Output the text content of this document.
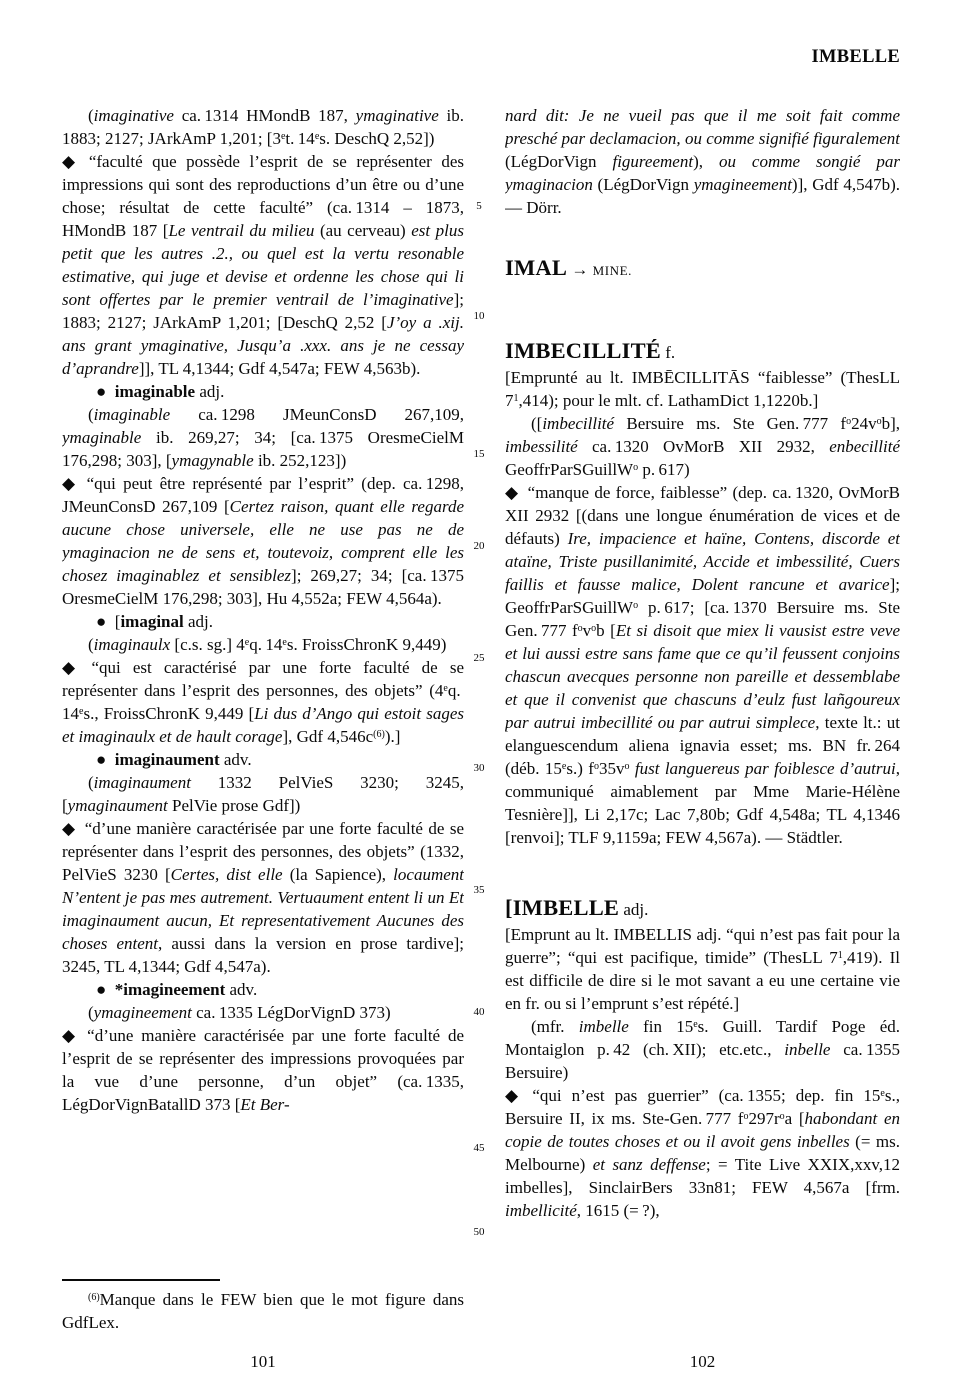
IMBELLE

(imaginative ca. 1314 HMondB 187, ymaginative ib. 1883; 2127; JArkAmP 1,201; [3et. 14es. DeschQ 2,52])

◆ “faculté que possède l’esprit de se représenter des impressions qui sont des reproductions d’un être ou d’une chose; résultat de cette faculté” (ca. 1314 – 1873, HMondB 187 [Le ventrail du milieu (au cerveau) est plus petit que les autres .2., ou quel est la vertu resonable estimative, qui juge et devise et ordenne les chose qui li sont offertes par le premier ventrail de l’imaginative]; 1883; 2127; JArkAmP 1,201; [DeschQ 2,52 [J’oy a .xij. ans grant ymaginative, Jusqu’a .xxx. ans je ne cessay d’aprandre]], TL 4,1344; Gdf 4,547a; FEW 4,563b).

● imaginable adj.

(imaginable ca. 1298 JMeunConsD 267,109, ymaginable ib. 269,27; 34; [ca. 1375 OresmeCielM 176,298; 303], [ymagynable ib. 252,123])

◆ “qui peut être représenté par l’esprit” (dep. ca. 1298, JMeunConsD 267,109 [Certez raison, quant elle regarde aucune chose universele, elle ne use pas ne de ymaginacion ne de sens et, toutevoiz, comprent elle les chosez imaginablez et sensiblez]; 269,27; 34; [ca. 1375 OresmeCielM 176,298; 303], Hu 4,552a; FEW 4,564a).

● [imaginal adj.

(imaginaulx [c.s. sg.] 4eq. 14es. FroissChronK 9,449)

◆ “qui est caractérisé par une forte faculté de se représenter dans l’esprit des personnes, des objets” (4eq. 14es., FroissChronK 9,449 [Li dus d’Ango qui estoit sages et imaginaulx et de hault corage], Gdf $4,546c^{(6)}$).]

● imaginaument adv.

(imaginaument 1332 PelVieS 3230; 3245, [ymaginaument PelVie prose Gdf])

◆ “d’une manière caractérisée par une forte faculté de se représenter dans l’esprit des personnes, des objets” (1332, PelVieS 3230 [Certes, dist elle (la Sapience), locaument N’entent je pas mes autrement. Vertuaument entent li un Et imaginaument aucun, Et representativement Aucunes des choses entent, aussi dans la version en prose tardive]; 3245, TL 4,1344; Gdf 4,547a).

● *imagineement adv.

(ymagineement ca. 1335 LégDorVignD 373)

◆ “d’une manière caractérisée par une forte faculté de l’esprit de se représenter des impressions provoquées par la vue d’une personne, d’un objet” (ca. 1335, LégDorVignBatallD 373 [Et Ber-

nard dit: Je ne vueil pas que il me soit fait comme presché par declamacion, ou comme signifié figuralement (LégDorVign figureement), ou comme songié par ymaginacion (LégDorVign ymagineement)], Gdf 4,547b). — Dörr.

IMAL → MINE.
IMBECILLITÉ f.

[Emprunté au lt. IMBĒCILLITĀS “faiblesse” (ThesLL $7^1,414$); pour le mlt. cf. LathamDict 1,1220b.]

([imbecillité Bersuire ms. Ste Gen. 777 $f^o24v^ob$], imbessilité ca. 1320 OvMorB XII 2932, enbecillité GeoffrParSGuillW$^o$ p. 617)

◆ “manque de force, faiblesse” (dep. ca. 1320, OvMorB XII 2932 [(dans une longue énumération de vices et de défauts) Ire, impacience et haïne, Contens, discorde et ataïne, Triste pusillanimité, Accide et imbessilité, Cuers faillis et fausse malice, Dolent rancune et avarice]; GeoffrParSGuillW$^o$ p. 617; [ca. 1370 Bersuire ms. Ste Gen. 777 $f^ov^ob$ [Et si disoit que miex li vausist estre veve et lui aussi estre sans fame que ce qu’il feussent conjoins chascun avecques personne non pareille et dessemblabe et que il convenist que chascuns d’eulz fust lañgoureux par autrui imbecillité ou par autrui simplece, texte lt.: ut elanguescendum aliena ignavia esset; ms. BN fr. 264 (déb. 15es.) $f^o35v^o$ fust languereus par foiblesce d’autrui, communiqué aimablement par Mme Marie-Hélène Tesnière]], Li 2,17c; Lac 7,80b; Gdf 4,548a; TL 4,1346 [renvoi]; TLF 9,1159a; FEW 4,567a). — Städtler.

[IMBELLE adj.

[Emprunt au lt. IMBELLIS adj. “qui n’est pas fait pour la guerre”; “qui est pacifique, timide” (ThesLL $7^1,419$). Il est difficile de dire si le mot savant a eu une certaine vie en fr. ou si l’emprunt s’est répété.]

(mfr. imbelle fin 15es. Guill. Tardif Poge éd. Montaiglon p. 42 (ch. XII); etc.etc., inbelle ca. 1355 Bersuire)

◆ “qui n’est pas guerrier” (ca. 1355; dep. fin 15es., Bersuire II, ix ms. Ste-Gen. 777 $f^o297r^oa$ [habondant en copie de toutes choses et ou il avoit gens inbelles (= ms. Melbourne) et sanz deffense; = Tite Live XXIX,xxv,12 imbelles], SinclairBers 33n81; FEW 4,567a [frm. imbellicité, 1615 (= ?),

5
10
15
20
25
30
35
40
45
50

$^{(6)}$Manque dans le FEW bien que le mot figure dans GdfLex.

101	102
